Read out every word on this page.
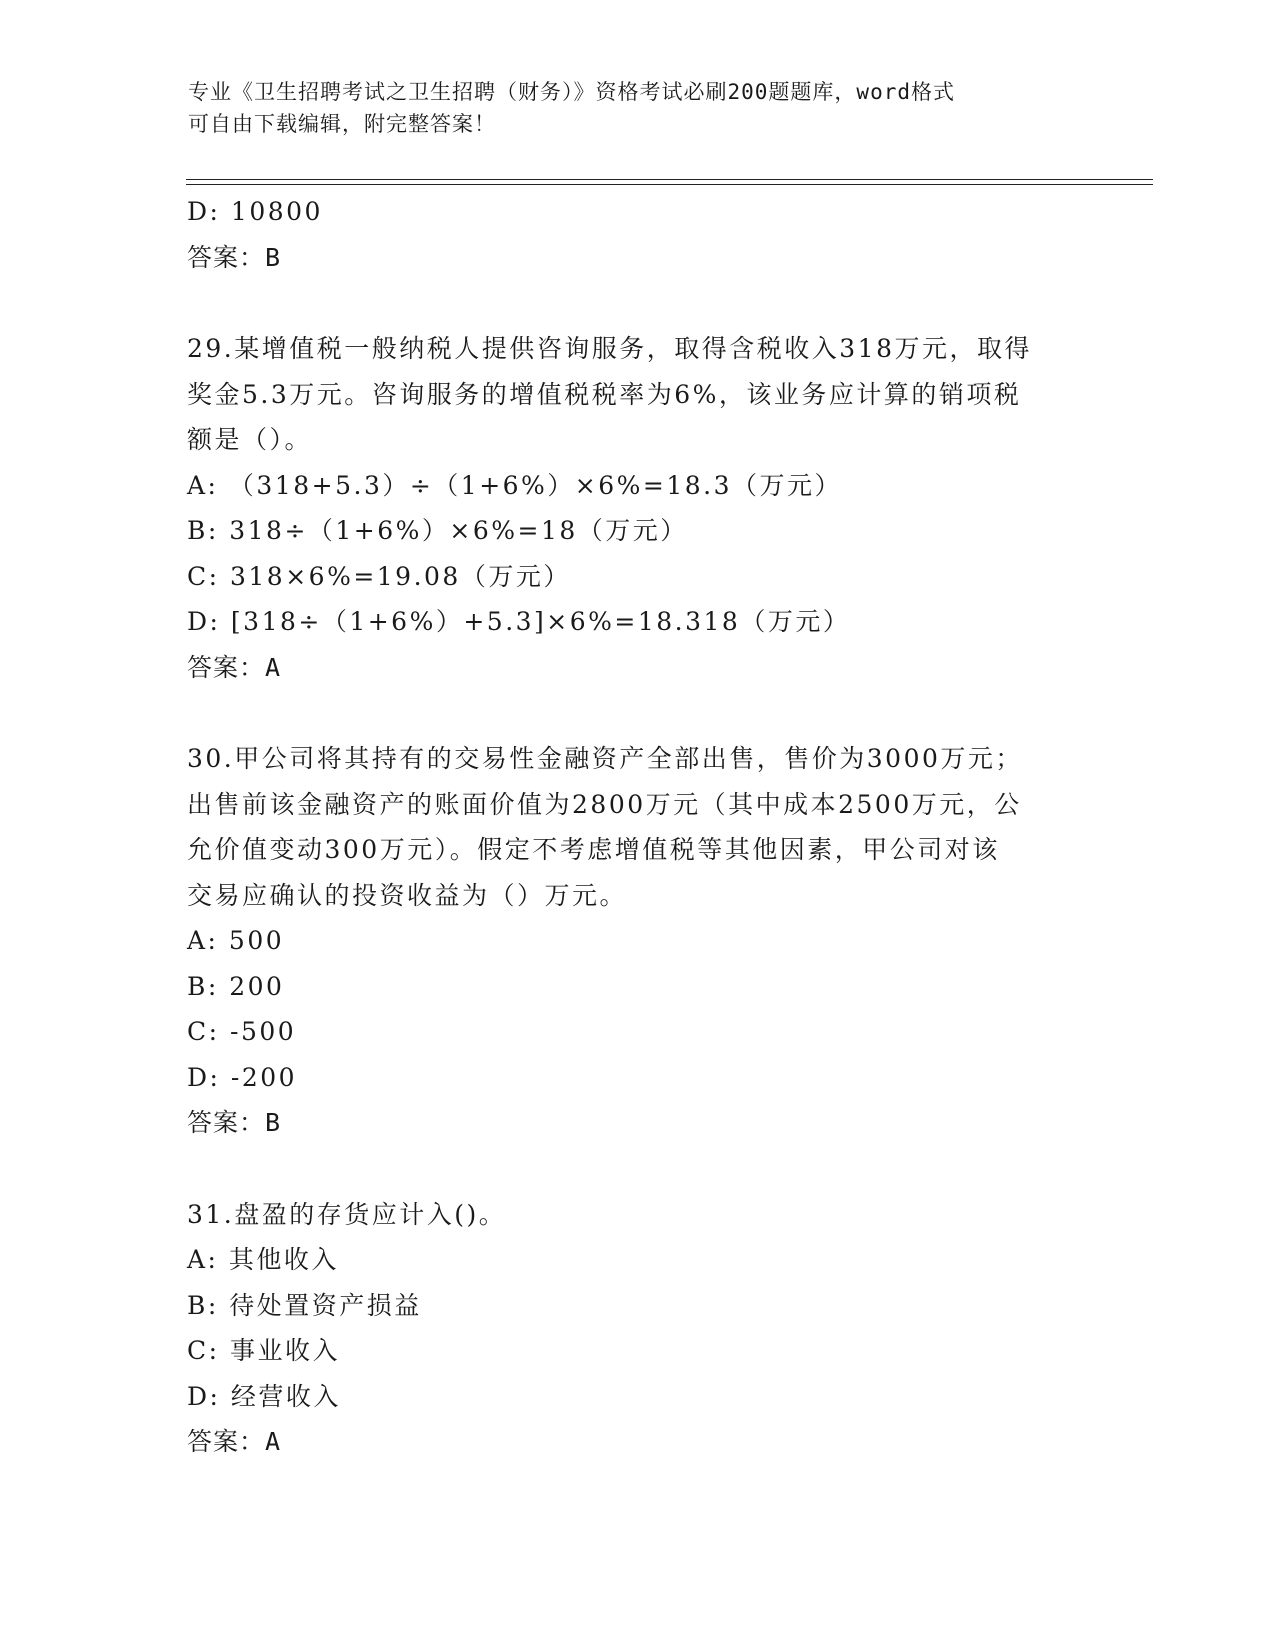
专业《卫生招聘考试之卫生招聘（财务）》资格考试必刷200题题库，word格式
可自由下载编辑，附完整答案！
D: 10800
答案：B
29.某增值税一般纳税人提供咨询服务，取得含税收入318万元，取得
奖金5.3万元。咨询服务的增值税税率为6%，该业务应计算的销项税
额是（）。
A: （318+5.3）÷（1+6%）×6%=18.3（万元）
B: 318÷（1+6%）×6%=18（万元）
C: 318×6%=19.08（万元）
D: [318÷（1+6%）+5.3]×6%=18.318（万元）
答案：A
30.甲公司将其持有的交易性金融资产全部出售，售价为3000万元；
出售前该金融资产的账面价值为2800万元（其中成本2500万元，公
允价值变动300万元）。假定不考虑增值税等其他因素，甲公司对该
交易应确认的投资收益为（）万元。
A: 500
B: 200
C: -500
D: -200
答案：B
31.盘盈的存货应计入()。
A: 其他收入
B: 待处置资产损益
C: 事业收入
D: 经营收入
答案：A
